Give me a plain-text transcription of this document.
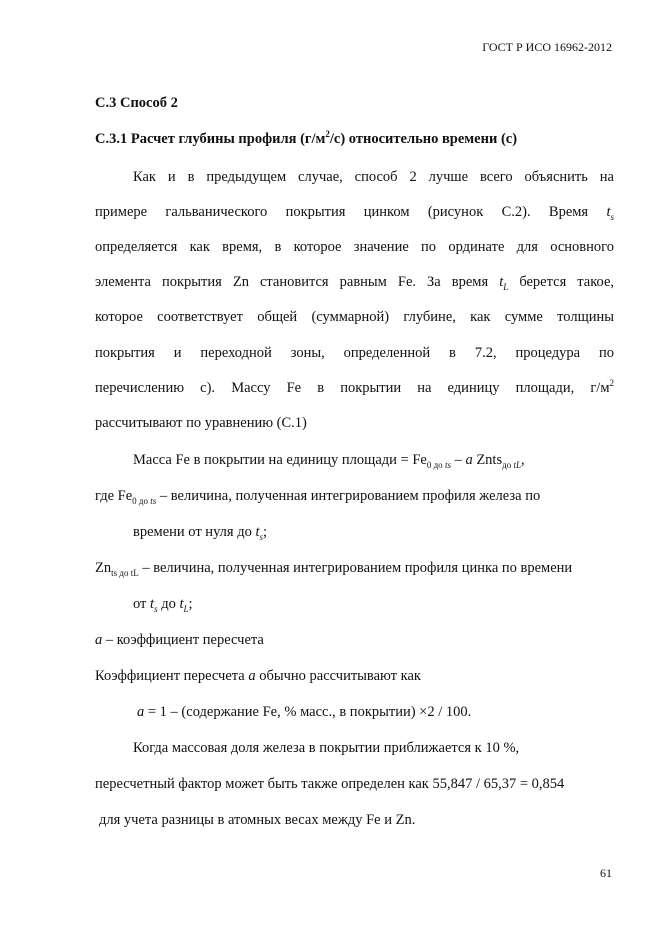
ГОСТ Р ИСО 16962-2012
С.3 Способ 2
С.3.1 Расчет глубины профиля $(г/м^2/с)$ относительно времени (с)
Как и в предыдущем случае, способ 2 лучше всего объяснить на
примере гальванического покрытия цинком (рисунок С.2). Время $t_s$
определяется как время, в которое значение по ординате для основного
элемента покрытия Zn становится равным Fe. За время $t_L$ берется такое,
которое соответствует общей (суммарной) глубине, как сумме толщины
покрытия и переходной зоны, определенной в 7.2, процедура по
перечислению c). Массу Fe в покрытии на единицу площади, $г/м^2$
рассчитывают по уравнению (С.1)
Масса Fe в покрытии на единицу площади = $Fe_{0 до ts}$ – a Znts$_{до tL}$,
где $Fe_{0 до ts}$ – величина, полученная интегрированием профиля железа по
времени от нуля до $t_s$;
$Zn_{ts до tL}$ – величина, полученная интегрированием профиля цинка по времени
от $t_s$ до $t_L$;
a – коэффициент пересчета
Коэффициент пересчета a обычно рассчитывают как
a = 1 – (содержание Fe, % масс., в покрытии) ×2 / 100.
Когда массовая доля железа в покрытии приближается к 10 %,
пересчетный фактор может быть также определен как 55,847 / 65,37 = 0,854
для учета разницы в атомных весах между Fe и Zn.
61
